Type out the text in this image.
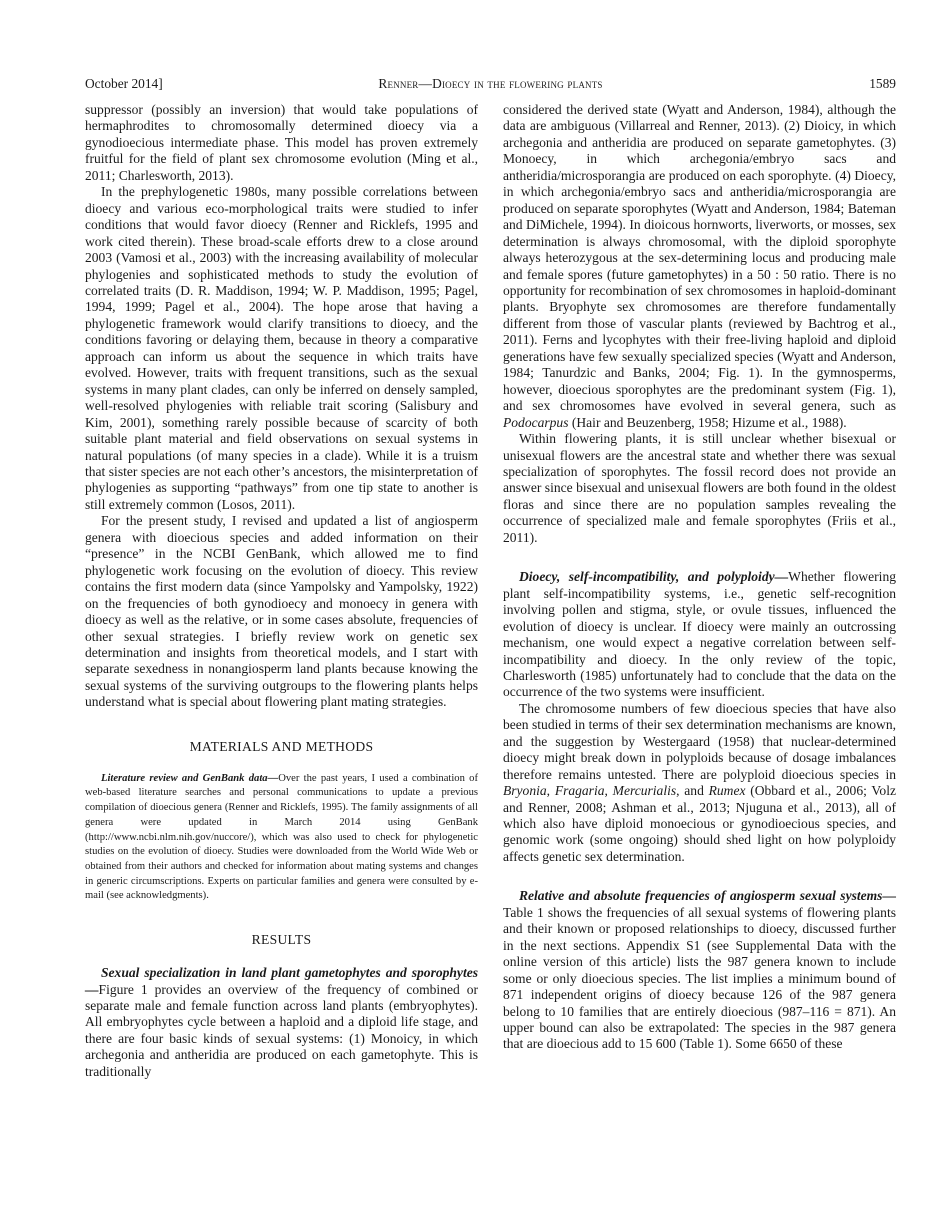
October 2014]	Renner—Dioecy in the flowering plants	1589

suppressor (possibly an inversion) that would take populations of hermaphrodites to chromosomally determined dioecy via a gynodioecious intermediate phase. This model has proven extremely fruitful for the field of plant sex chromosome evolution (Ming et al., 2011; Charlesworth, 2013).

In the prephylogenetic 1980s, many possible correlations between dioecy and various eco-morphological traits were studied to infer conditions that would favor dioecy (Renner and Ricklefs, 1995 and work cited therein). These broad-scale efforts drew to a close around 2003 (Vamosi et al., 2003) with the increasing availability of molecular phylogenies and sophisticated methods to study the evolution of correlated traits (D. R. Maddison, 1994; W. P. Maddison, 1995; Pagel, 1994, 1999; Pagel et al., 2004). The hope arose that having a phylogenetic framework would clarify transitions to dioecy, and the conditions favoring or delaying them, because in theory a comparative approach can inform us about the sequence in which traits have evolved. However, traits with frequent transitions, such as the sexual systems in many plant clades, can only be inferred on densely sampled, well-resolved phylogenies with reliable trait scoring (Salisbury and Kim, 2001), something rarely possible because of scarcity of both suitable plant material and field observations on sexual systems in natural populations (of many species in a clade). While it is a truism that sister species are not each other’s ancestors, the misinterpretation of phylogenies as supporting “pathways” from one tip state to another is still extremely common (Losos, 2011).

For the present study, I revised and updated a list of angiosperm genera with dioecious species and added information on their “presence” in the NCBI GenBank, which allowed me to find phylogenetic work focusing on the evolution of dioecy. This review contains the first modern data (since Yampolsky and Yampolsky, 1922) on the frequencies of both gynodioecy and monoecy in genera with dioecy as well as the relative, or in some cases absolute, frequencies of other sexual strategies. I briefly review work on genetic sex determination and insights from theoretical models, and I start with separate sexedness in nonangiosperm land plants because knowing the sexual systems of the surviving outgroups to the flowering plants helps understand what is special about flowering plant mating strategies.

MATERIALS AND METHODS

Literature review and GenBank data—Over the past years, I used a combination of web-based literature searches and personal communications to update a previous compilation of dioecious genera (Renner and Ricklefs, 1995). The family assignments of all genera were updated in March 2014 using GenBank (http://www.ncbi.nlm.nih.gov/nuccore/), which was also used to check for phylogenetic studies on the evolution of dioecy. Studies were downloaded from the World Wide Web or obtained from their authors and checked for information about mating systems and changes in generic circumscriptions. Experts on particular families and genera were consulted by e-mail (see acknowledgments).

RESULTS

Sexual specialization in land plant gametophytes and sporophytes—Figure 1 provides an overview of the frequency of combined or separate male and female function across land plants (embryophytes). All embryophytes cycle between a haploid and a diploid life stage, and there are four basic kinds of sexual systems: (1) Monoicy, in which archegonia and antheridia are produced on each gametophyte. This is traditionally

considered the derived state (Wyatt and Anderson, 1984), although the data are ambiguous (Villarreal and Renner, 2013). (2) Dioicy, in which archegonia and antheridia are produced on separate gametophytes. (3) Monoecy, in which archegonia/embryo sacs and antheridia/microsporangia are produced on each sporophyte. (4) Dioecy, in which archegonia/embryo sacs and antheridia/microsporangia are produced on separate sporophytes (Wyatt and Anderson, 1984; Bateman and DiMichele, 1994). In dioicous hornworts, liverworts, or mosses, sex determination is always chromosomal, with the diploid sporophyte always heterozygous at the sex-determining locus and producing male and female spores (future gametophytes) in a 50 : 50 ratio. There is no opportunity for recombination of sex chromosomes in haploid-dominant plants. Bryophyte sex chromosomes are therefore fundamentally different from those of vascular plants (reviewed by Bachtrog et al., 2011). Ferns and lycophytes with their free-living haploid and diploid generations have few sexually specialized species (Wyatt and Anderson, 1984; Tanurdzic and Banks, 2004; Fig. 1). In the gymnosperms, however, dioecious sporophytes are the predominant system (Fig. 1), and sex chromosomes have evolved in several genera, such as Podocarpus (Hair and Beuzenberg, 1958; Hizume et al., 1988).

Within flowering plants, it is still unclear whether bisexual or unisexual flowers are the ancestral state and whether there was sexual specialization of sporophytes. The fossil record does not provide an answer since bisexual and unisexual flowers are both found in the oldest floras and since there are no population samples revealing the occurrence of specialized male and female sporophytes (Friis et al., 2011).

Dioecy, self-incompatibility, and polyploidy—Whether flowering plant self-incompatibility systems, i.e., genetic self-recognition involving pollen and stigma, style, or ovule tissues, influenced the evolution of dioecy is unclear. If dioecy were mainly an outcrossing mechanism, one would expect a negative correlation between self-incompatibility and dioecy. In the only review of the topic, Charlesworth (1985) unfortunately had to conclude that the data on the occurrence of the two systems were insufficient.

The chromosome numbers of few dioecious species that have also been studied in terms of their sex determination mechanisms are known, and the suggestion by Westergaard (1958) that nuclear-determined dioecy might break down in polyploids because of dosage imbalances therefore remains untested. There are polyploid dioecious species in Bryonia, Fragaria, Mercurialis, and Rumex (Obbard et al., 2006; Volz and Renner, 2008; Ashman et al., 2013; Njuguna et al., 2013), all of which also have diploid monoecious or gynodioecious species, and genomic work (some ongoing) should shed light on how polyploidy affects genetic sex determination.

Relative and absolute frequencies of angiosperm sexual systems—Table 1 shows the frequencies of all sexual systems of flowering plants and their known or proposed relationships to dioecy, discussed further in the next sections. Appendix S1 (see Supplemental Data with the online version of this article) lists the 987 genera known to include some or only dioecious species. The list implies a minimum bound of 871 independent origins of dioecy because 126 of the 987 genera belong to 10 families that are entirely dioecious (987–116 = 871). An upper bound can also be extrapolated: The species in the 987 genera that are dioecious add to 15 600 (Table 1). Some 6650 of these
